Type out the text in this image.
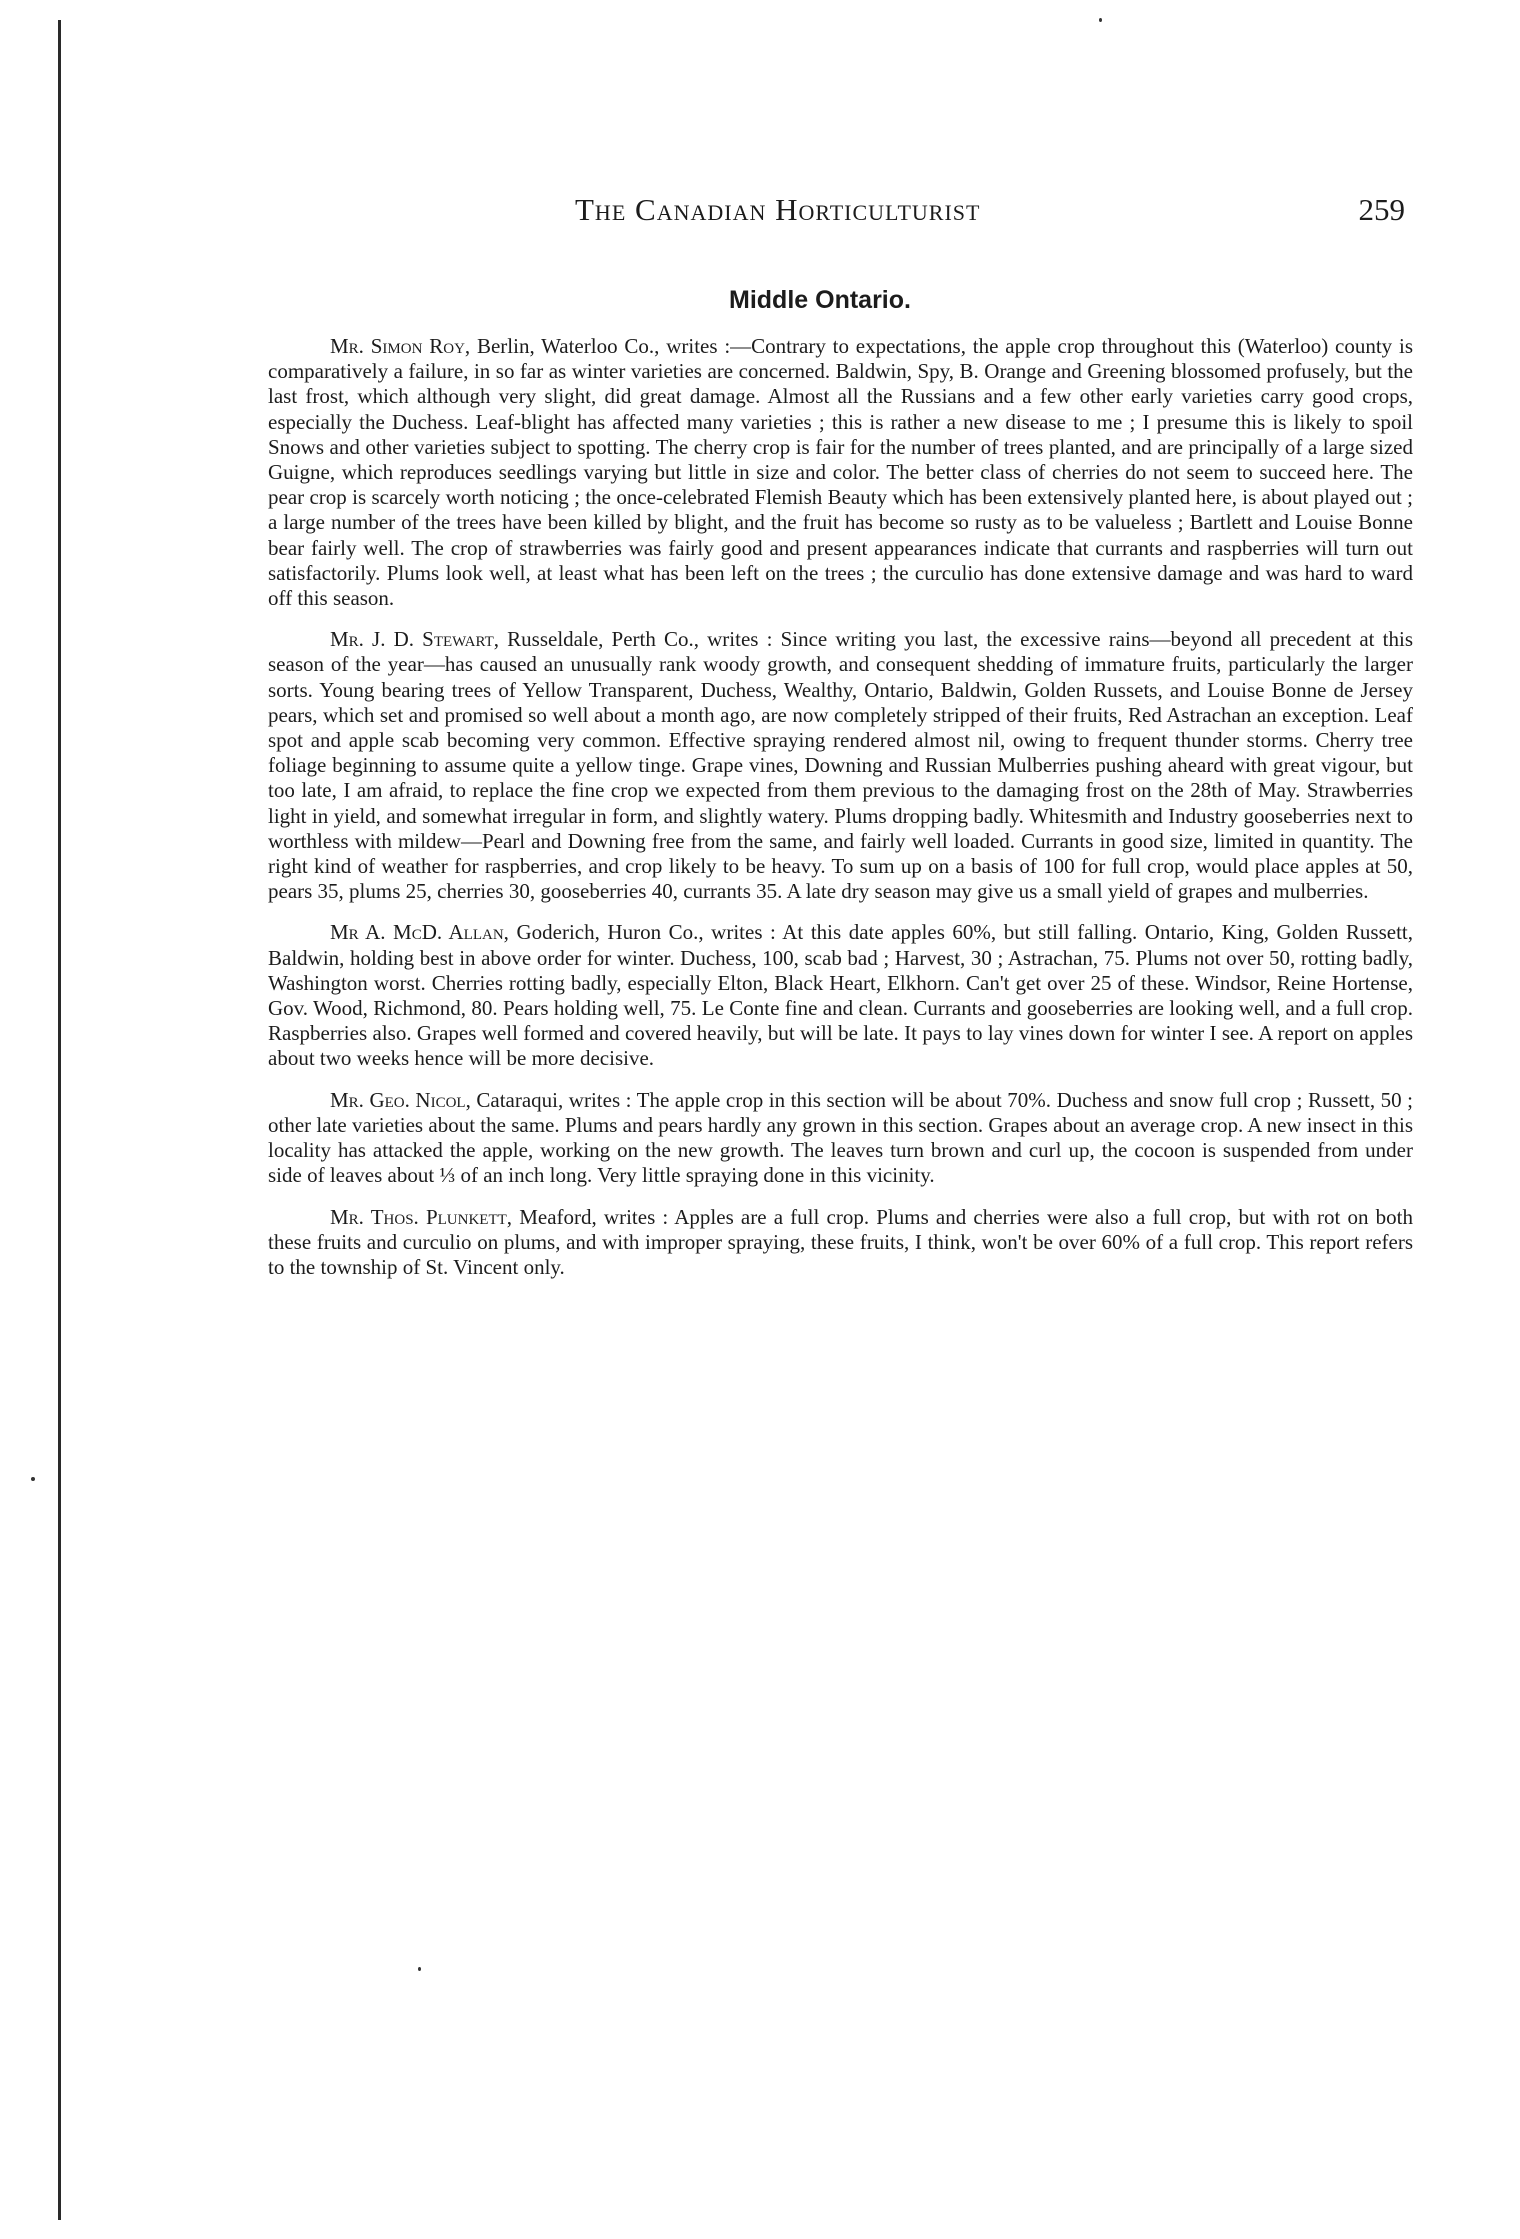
The Canadian Horticulturist	259
Middle Ontario.

Mr. Simon Roy, Berlin, Waterloo Co., writes :—Contrary to expectations, the apple crop throughout this (Waterloo) county is comparatively a failure, in so far as winter varieties are concerned. Baldwin, Spy, B. Orange and Greening blossomed profusely, but the last frost, which although very slight, did great damage. Almost all the Russians and a few other early varieties carry good crops, especially the Duchess. Leaf-blight has affected many varieties ; this is rather a new disease to me ; I presume this is likely to spoil Snows and other varieties subject to spotting. The cherry crop is fair for the number of trees planted, and are principally of a large sized Guigne, which reproduces seedlings varying but little in size and color. The better class of cherries do not seem to succeed here. The pear crop is scarcely worth noticing ; the once-celebrated Flemish Beauty which has been extensively planted here, is about played out ; a large number of the trees have been killed by blight, and the fruit has become so rusty as to be valueless ; Bartlett and Louise Bonne bear fairly well. The crop of strawberries was fairly good and present appearances indicate that currants and raspberries will turn out satisfactorily. Plums look well, at least what has been left on the trees ; the curculio has done extensive damage and was hard to ward off this season.

Mr. J. D. Stewart, Russeldale, Perth Co., writes : Since writing you last, the excessive rains—beyond all precedent at this season of the year—has caused an unusually rank woody growth, and consequent shedding of immature fruits, particularly the larger sorts. Young bearing trees of Yellow Transparent, Duchess, Wealthy, Ontario, Baldwin, Golden Russets, and Louise Bonne de Jersey pears, which set and promised so well about a month ago, are now completely stripped of their fruits, Red Astrachan an exception. Leaf spot and apple scab becoming very common. Effective spraying rendered almost nil, owing to frequent thunder storms. Cherry tree foliage beginning to assume quite a yellow tinge. Grape vines, Downing and Russian Mulberries pushing aheard with great vigour, but too late, I am afraid, to replace the fine crop we expected from them previous to the damaging frost on the 28th of May. Strawberries light in yield, and somewhat irregular in form, and slightly watery. Plums dropping badly. Whitesmith and Industry gooseberries next to worthless with mildew—Pearl and Downing free from the same, and fairly well loaded. Currants in good size, limited in quantity. The right kind of weather for raspberries, and crop likely to be heavy. To sum up on a basis of 100 for full crop, would place apples at 50, pears 35, plums 25, cherries 30, gooseberries 40, currants 35. A late dry season may give us a small yield of grapes and mulberries.

Mr A. McD. Allan, Goderich, Huron Co., writes : At this date apples 60%, but still falling. Ontario, King, Golden Russett, Baldwin, holding best in above order for winter. Duchess, 100, scab bad ; Harvest, 30 ; Astrachan, 75. Plums not over 50, rotting badly, Washington worst. Cherries rotting badly, especially Elton, Black Heart, Elkhorn. Can't get over 25 of these. Windsor, Reine Hortense, Gov. Wood, Richmond, 80. Pears holding well, 75. Le Conte fine and clean. Currants and gooseberries are looking well, and a full crop. Raspberries also. Grapes well formed and covered heavily, but will be late. It pays to lay vines down for winter I see. A report on apples about two weeks hence will be more decisive.

Mr. Geo. Nicol, Cataraqui, writes : The apple crop in this section will be about 70%. Duchess and snow full crop ; Russett, 50 ; other late varieties about the same. Plums and pears hardly any grown in this section. Grapes about an average crop. A new insect in this locality has attacked the apple, working on the new growth. The leaves turn brown and curl up, the cocoon is suspended from under side of leaves about ⅓ of an inch long. Very little spraying done in this vicinity.

Mr. Thos. Plunkett, Meaford, writes : Apples are a full crop. Plums and cherries were also a full crop, but with rot on both these fruits and curculio on plums, and with improper spraying, these fruits, I think, won't be over 60% of a full crop. This report refers to the township of St. Vincent only.
